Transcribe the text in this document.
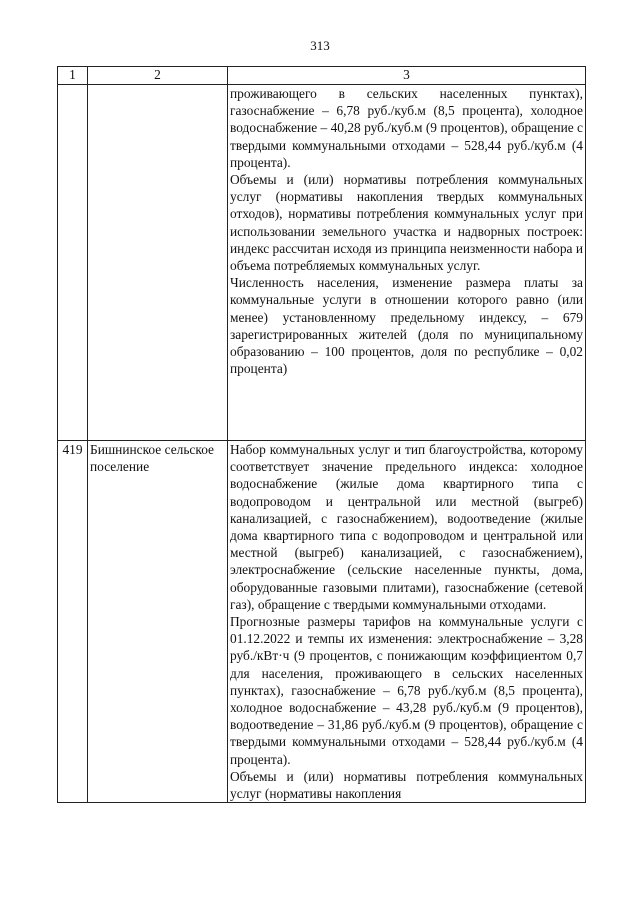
313
1	2	3

		проживающего в сельских населенных пунктах), газоснабжение – 6,78 руб./куб.м (8,5 процента), холодное водоснабжение – 40,28 руб./куб.м (9 процентов), обращение с твердыми коммунальными отходами – 528,44 руб./куб.м (4 процента).

Объемы и (или) нормативы потребления коммунальных услуг (нормативы накопления твердых коммунальных отходов), нормативы потребления коммунальных услуг при использовании земельного участка и надворных построек: индекс рассчитан исходя из принципа неизменности набора и объема потребляемых коммунальных услуг.

Численность населения, изменение размера платы за коммунальные услуги в отношении которого равно (или менее) установленному предельному индексу, – 679 зарегистрированных жителей (доля по муниципальному образованию – 100 процентов, доля по республике – 0,02 процента)

419	Бишнинское сельское поселение	Набор коммунальных услуг и тип благоустройства, которому соответствует значение предельного индекса: холодное водоснабжение (жилые дома квартирного типа с водопроводом и центральной или местной (выгреб) канализацией, с газоснабжением), водоотведение (жилые дома квартирного типа с водопроводом и центральной или местной (выгреб) канализацией, с газоснабжением), электроснабжение (сельские населенные пункты, дома, оборудованные газовыми плитами), газоснабжение (сетевой газ), обращение с твердыми коммунальными отходами.

Прогнозные размеры тарифов на коммунальные услуги с 01.12.2022 и темпы их изменения: электроснабжение – 3,28 руб./кВт·ч (9 процентов, с понижающим коэффициентом 0,7 для населения, проживающего в сельских населенных пунктах), газоснабжение – 6,78 руб./куб.м (8,5 процента), холодное водоснабжение – 43,28 руб./куб.м (9 процентов), водоотведение – 31,86 руб./куб.м (9 процентов), обращение с твердыми коммунальными отходами – 528,44 руб./куб.м (4 процента).

Объемы и (или) нормативы потребления коммунальных услуг (нормативы накопления
